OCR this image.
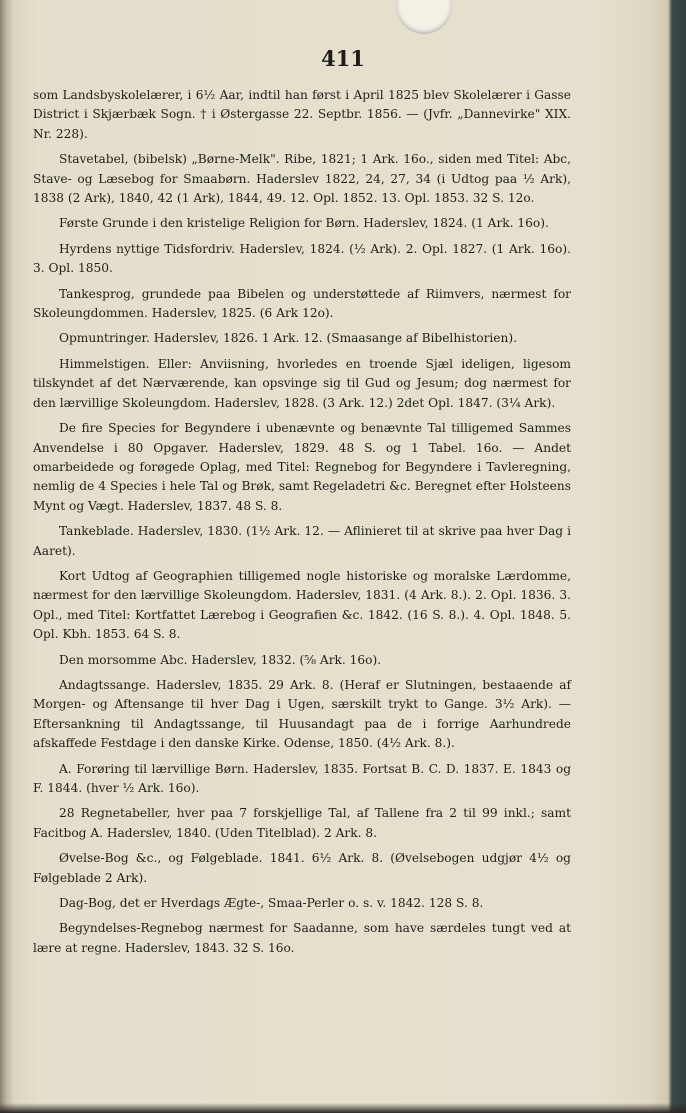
411

som Landsbyskolelærer, i 6½ Aar, indtil han først i April 1825 blev Skolelærer i Gasse District i Skjærbæk Sogn. † i Østergasse 22. Septbr. 1856. — (Jvfr. „Dannevirke" XIX. Nr. 228).

Stavetabel, (bibelsk) „Børne-Melk". Ribe, 1821; 1 Ark. 16o., siden med Titel: Abc, Stave- og Læsebog for Smaabørn. Haderslev 1822, 24, 27, 34 (i Udtog paa ½ Ark), 1838 (2 Ark), 1840, 42 (1 Ark), 1844, 49. 12. Opl. 1852. 13. Opl. 1853. 32 S. 12o.

Første Grunde i den kristelige Religion for Børn. Haderslev, 1824. (1 Ark. 16o).

Hyrdens nyttige Tidsfordriv. Haderslev, 1824. (½ Ark). 2. Opl. 1827. (1 Ark. 16o). 3. Opl. 1850.

Tankesprog, grundede paa Bibelen og understøttede af Riimvers, nærmest for Skoleungdommen. Haderslev, 1825. (6 Ark 12o).

Opmuntringer. Haderslev, 1826. 1 Ark. 12. (Smaasange af Bibelhistorien).

Himmelstigen. Eller: Anviisning, hvorledes en troende Sjæl ideligen, ligesom tilskyndet af det Nærværende, kan opsvinge sig til Gud og Jesum; dog nærmest for den lærvillige Skoleungdom. Haderslev, 1828. (3 Ark. 12.) 2det Opl. 1847. (3¼ Ark).

De fire Species for Begyndere i ubenævnte og benævnte Tal tilligemed Sammes Anvendelse i 80 Opgaver. Haderslev, 1829. 48 S. og 1 Tabel. 16o. — Andet omarbeidede og forøgede Oplag, med Titel: Regnebog for Begyndere i Tavleregning, nemlig de 4 Species i hele Tal og Brøk, samt Regeladetri &c. Beregnet efter Holsteens Mynt og Vægt. Haderslev, 1837. 48 S. 8.

Tankeblade. Haderslev, 1830. (1½ Ark. 12. — Aflinieret til at skrive paa hver Dag i Aaret).

Kort Udtog af Geographien tilligemed nogle historiske og moralske Lærdomme, nærmest for den lærvillige Skoleungdom. Haderslev, 1831. (4 Ark. 8.). 2. Opl. 1836. 3. Opl., med Titel: Kortfattet Lærebog i Geografien &c. 1842. (16 S. 8.). 4. Opl. 1848. 5. Opl. Kbh. 1853. 64 S. 8.

Den morsomme Abc. Haderslev, 1832. (⅝ Ark. 16o).

Andagtssange. Haderslev, 1835. 29 Ark. 8. (Heraf er Slutningen, bestaaende af Morgen- og Aftensange til hver Dag i Ugen, særskilt trykt to Gange. 3½ Ark). — Eftersankning til Andagtssange, til Huusandagt paa de i forrige Aarhundrede afskaffede Festdage i den danske Kirke. Odense, 1850. (4½ Ark. 8.).

A. Forøring til lærvillige Børn. Haderslev, 1835. Fortsat B. C. D. 1837. E. 1843 og F. 1844. (hver ½ Ark. 16o).

28 Regnetabeller, hver paa 7 forskjellige Tal, af Tallene fra 2 til 99 inkl.; samt Facitbog A. Haderslev, 1840. (Uden Titelblad). 2 Ark. 8.

Øvelse-Bog &c., og Følgeblade. 1841. 6½ Ark. 8. (Øvelsebogen udgjør 4½ og Følgeblade 2 Ark).

Dag-Bog, det er Hverdags Ægte-, Smaa-Perler o. s. v. 1842. 128 S. 8.

Begyndelses-Regnebog nærmest for Saadanne, som have særdeles tungt ved at lære at regne. Haderslev, 1843. 32 S. 16o.
